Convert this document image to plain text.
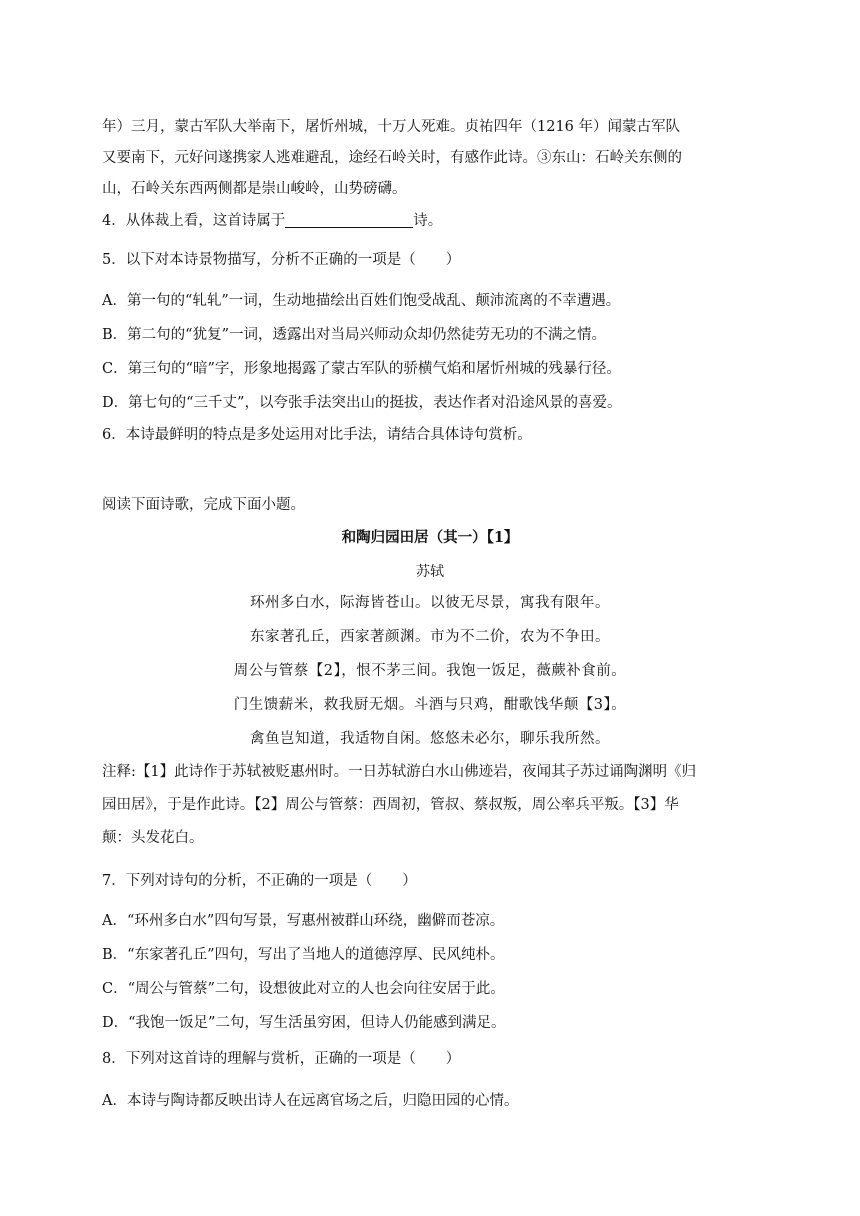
年）三月，蒙古军队大举南下，屠忻州城，十万人死难。贞祐四年（1216 年）闻蒙古军队

又要南下，元好问遂携家人逃难避乱，途经石岭关时，有感作此诗。③东山：石岭关东侧的

山，石岭关东西两侧都是崇山峻岭，山势磅礴。

4．从体裁上看，这首诗属于	诗。

5．以下对本诗景物描写，分析不正确的一项是（ ）

A．第一句的“轧轧”一词，生动地描绘出百姓们饱受战乱、颠沛流离的不幸遭遇。

B．第二句的“犹复”一词，透露出对当局兴师动众却仍然徒劳无功的不满之情。

C．第三句的“暗”字，形象地揭露了蒙古军队的骄横气焰和屠忻州城的残暴行径。

D．第七句的“三千丈”，以夸张手法突出山的挺拔，表达作者对沿途风景的喜爱。

6．本诗最鲜明的特点是多处运用对比手法，请结合具体诗句赏析。

阅读下面诗歌，完成下面小题。

和陶归园田居（其一）【1】

苏轼

环州多白水，际海皆苍山。以彼无尽景，寓我有限年。

东家著孔丘，西家著颜渊。市为不二价，农为不争田。

周公与管蔡【2】，恨不茅三间。我饱一饭足，薇蕨补食前。

门生馈薪米，救我厨无烟。斗酒与只鸡，酣歌饯华颠【3】。

禽鱼岂知道，我适物自闲。悠悠未必尔，聊乐我所然。

注释:【1】此诗作于苏轼被贬惠州时。一日苏轼游白水山佛迹岩，夜闻其子苏过诵陶渊明《归

园田居》，于是作此诗。【2】周公与管蔡：西周初，管叔、蔡叔叛，周公率兵平叛。【3】华

颠：头发花白。

7．下列对诗句的分析，不正确的一项是（ ）

A．“环州多白水”四句写景，写惠州被群山环绕，幽僻而苍凉。

B．“东家著孔丘”四句，写出了当地人的道德淳厚、民风纯朴。

C．“周公与管蔡”二句，设想彼此对立的人也会向往安居于此。

D．“我饱一饭足”二句，写生活虽穷困，但诗人仍能感到满足。

8．下列对这首诗的理解与赏析，正确的一项是（ ）

A．本诗与陶诗都反映出诗人在远离官场之后，归隐田园的心情。
